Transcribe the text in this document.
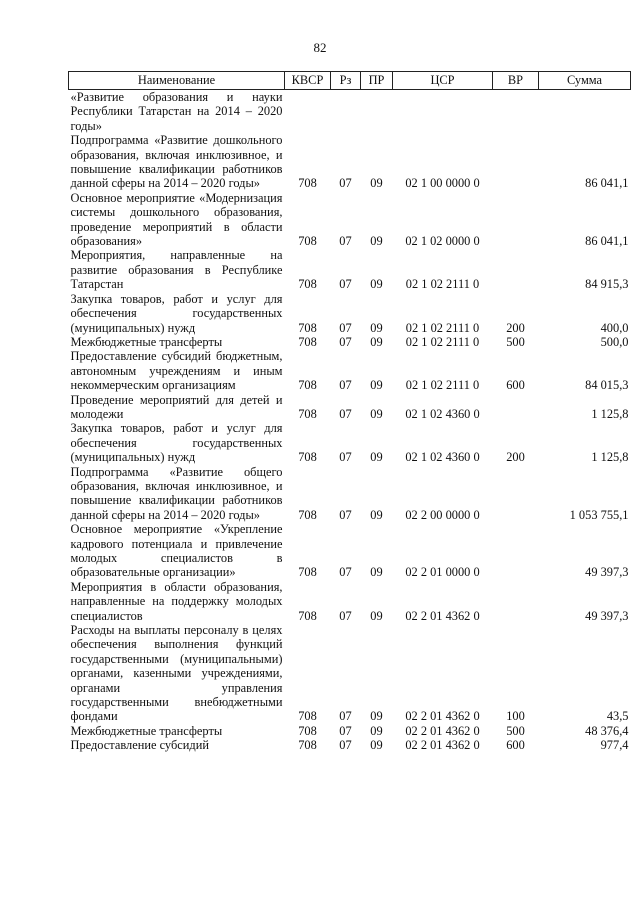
82
Наименование	КВСР	Рз	ПР	ЦСР	ВР	Сумма
«Развитие образования и науки Республики Татарстан на 2014 – 2020 годы»						
Подпрограмма «Развитие дошкольного образования, включая инклюзивное, и повышение квалификации работников данной сферы на 2014 – 2020 годы»	708	07	09	02 1 00 0000 0		86 041,1
Основное мероприятие «Модернизация системы дошкольного образования, проведение мероприятий в области образования»	708	07	09	02 1 02 0000 0		86 041,1
Мероприятия, направленные на развитие образования в Республике Татарстан	708	07	09	02 1 02 2111 0		84 915,3
Закупка товаров, работ и услуг для обеспечения государственных (муниципальных) нужд	708	07	09	02 1 02 2111 0	200	400,0
Межбюджетные трансферты	708	07	09	02 1 02 2111 0	500	500,0
Предоставление субсидий бюджетным, автономным учреждениям и иным некоммерческим организациям	708	07	09	02 1 02 2111 0	600	84 015,3
Проведение мероприятий для детей и молодежи	708	07	09	02 1 02 4360 0		1 125,8
Закупка товаров, работ и услуг для обеспечения государственных (муниципальных) нужд	708	07	09	02 1 02 4360 0	200	1 125,8
Подпрограмма «Развитие общего образования, включая инклюзивное, и повышение квалификации работников данной сферы на 2014 – 2020 годы»	708	07	09	02 2 00 0000 0		1 053 755,1
Основное мероприятие «Укрепление кадрового потенциала и привлечение молодых специалистов в образовательные организации»	708	07	09	02 2 01 0000 0		49 397,3
Мероприятия в области образования, направленные на поддержку молодых специалистов	708	07	09	02 2 01 4362 0		49 397,3
Расходы на выплаты персоналу в целях обеспечения выполнения функций государственными (муниципальными) органами, казенными учреждениями, органами управления государственными внебюджетными фондами	708	07	09	02 2 01 4362 0	100	43,5
Межбюджетные трансферты	708	07	09	02 2 01 4362 0	500	48 376,4
Предоставление субсидий	708	07	09	02 2 01 4362 0	600	977,4
